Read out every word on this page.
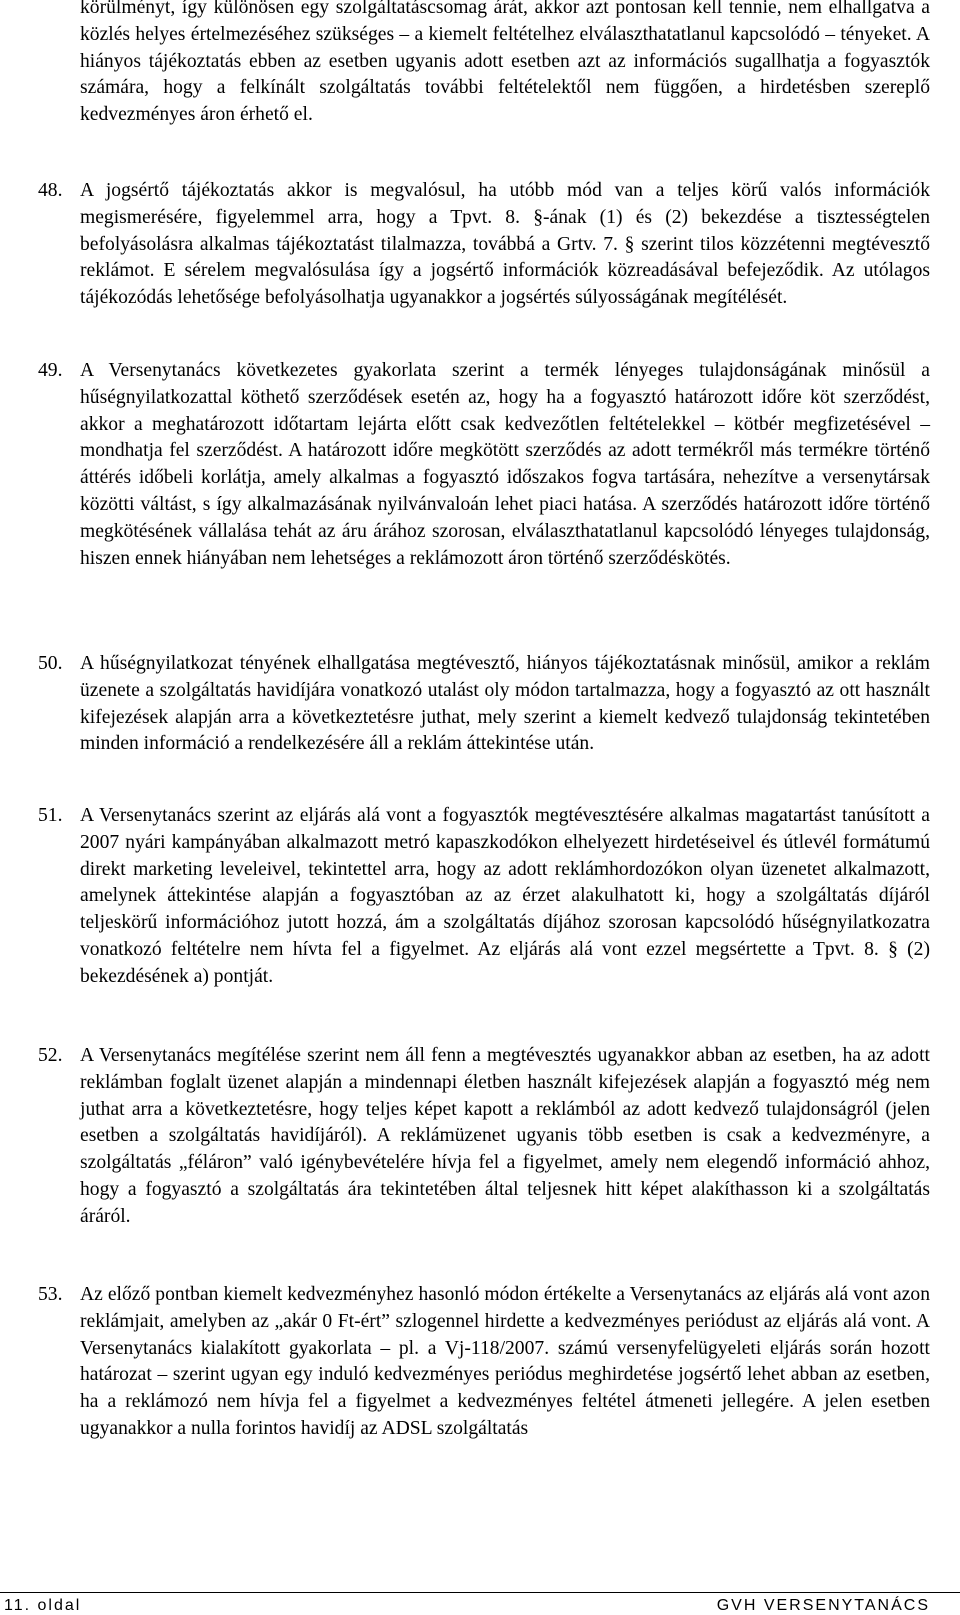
körülményt, így különösen egy szolgáltatáscsomag árát, akkor azt pontosan kell tennie, nem elhallgatva a közlés helyes értelmezéséhez szükséges – a kiemelt feltételhez elválaszthatatlanul kapcsolódó – tényeket. A hiányos tájékoztatás ebben az esetben ugyanis adott esetben azt az információs sugallhatja a fogyasztók számára, hogy a felkínált szolgáltatás további feltételektől nem függően, a hirdetésben szereplő kedvezményes áron érhető el.

48. A jogsértő tájékoztatás akkor is megvalósul, ha utóbb mód van a teljes körű valós információk megismerésére, figyelemmel arra, hogy a Tpvt. 8. §-ának (1) és (2) bekezdése a tisztességtelen befolyásolásra alkalmas tájékoztatást tilalmazza, továbbá a Grtv. 7. § szerint tilos közzétenni megtévesztő reklámot. E sérelem megvalósulása így a jogsértő információk közreadásával befejeződik. Az utólagos tájékozódás lehetősége befolyásolhatja ugyanakkor a jogsértés súlyosságának megítélését.
49. A Versenytanács következetes gyakorlata szerint a termék lényeges tulajdonságának minősül a hűségnyilatkozattal köthető szerződések esetén az, hogy ha a fogyasztó határozott időre köt szerződést, akkor a meghatározott időtartam lejárta előtt csak kedvezőtlen feltételekkel – kötbér megfizetésével – mondhatja fel szerződést. A határozott időre megkötött szerződés az adott termékről más termékre történő áttérés időbeli korlátja, amely alkalmas a fogyasztó időszakos fogva tartására, nehezítve a versenytársak közötti váltást, s így alkalmazásának nyilvánvaloán lehet piaci hatása. A szerződés határozott időre történő megkötésének vállalása tehát az áru árához szorosan, elválaszthatatlanul kapcsolódó lényeges tulajdonság, hiszen ennek hiányában nem lehetséges a reklámozott áron történő szerződéskötés.
50. A hűségnyilatkozat tényének elhallgatása megtévesztő, hiányos tájékoztatásnak minősül, amikor a reklám üzenete a szolgáltatás havidíjára vonatkozó utalást oly módon tartalmazza, hogy a fogyasztó az ott használt kifejezések alapján arra a következtetésre juthat, mely szerint a kiemelt kedvező tulajdonság tekintetében minden információ a rendelkezésére áll a reklám áttekintése után.
51. A Versenytanács szerint az eljárás alá vont a fogyasztók megtévesztésére alkalmas magatartást tanúsított a 2007 nyári kampányában alkalmazott metró kapaszkodókon elhelyezett hirdetéseivel és útlevél formátumú direkt marketing leveleivel, tekintettel arra, hogy az adott reklámhordozókon olyan üzenetet alkalmazott, amelynek áttekintése alapján a fogyasztóban az az érzet alakulhatott ki, hogy a szolgáltatás díjáról teljeskörű információhoz jutott hozzá, ám a szolgáltatás díjához szorosan kapcsolódó hűségnyilatkozatra vonatkozó feltételre nem hívta fel a figyelmet. Az eljárás alá vont ezzel megsértette a Tpvt. 8. § (2) bekezdésének a) pontját.
52. A Versenytanács megítélése szerint nem áll fenn a megtévesztés ugyanakkor abban az esetben, ha az adott reklámban foglalt üzenet alapján a mindennapi életben használt kifejezések alapján a fogyasztó még nem juthat arra a következtetésre, hogy teljes képet kapott a reklámból az adott kedvező tulajdonságról (jelen esetben a szolgáltatás havidíjáról). A reklámüzenet ugyanis több esetben is csak a kedvezményre, a szolgáltatás „féláron” való igénybevételére hívja fel a figyelmet, amely nem elegendő információ ahhoz, hogy a fogyasztó a szolgáltatás ára tekintetében által teljesnek hitt képet alakíthasson ki a szolgáltatás áráról.
53. Az előző pontban kiemelt kedvezményhez hasonló módon értékelte a Versenytanács az eljárás alá vont azon reklámjait, amelyben az „akár 0 Ft-ért” szlogennel hirdette a kedvezményes periódust az eljárás alá vont. A Versenytanács kialakított gyakorlata – pl. a Vj-118/2007. számú versenyfelügyeleti eljárás során hozott határozat – szerint ugyan egy induló kedvezményes periódus meghirdetése jogsértő lehet abban az esetben, ha a reklámozó nem hívja fel a figyelmet a kedvezményes feltétel átmeneti jellegére. A jelen esetben ugyanakkor a nulla forintos havidíj az ADSL szolgáltatás
11. oldal	GVH VERSENYTANÁCS
